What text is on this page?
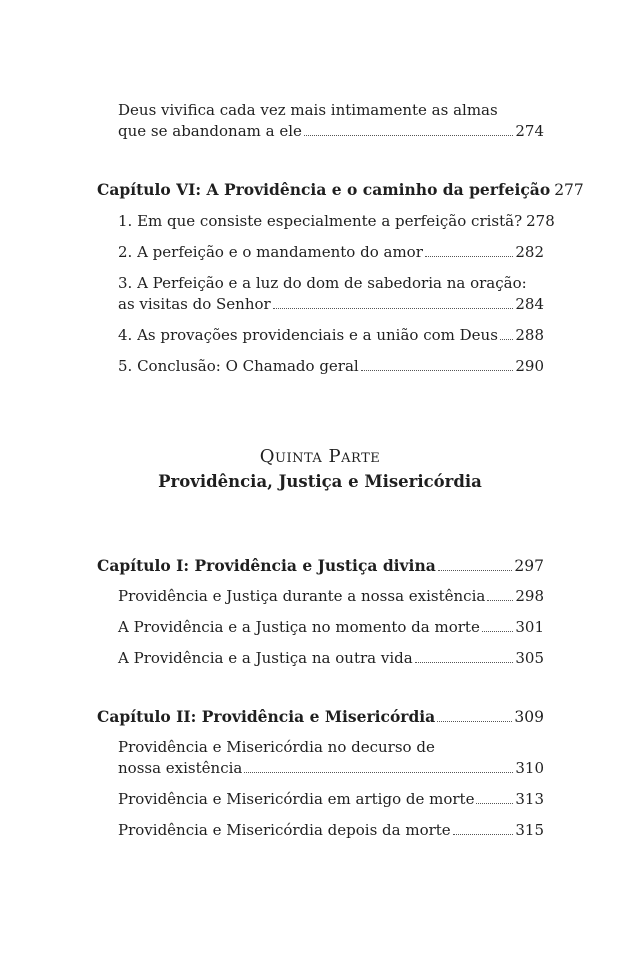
Deus vivifica cada vez mais intimamente as almas
que se abandonam a ele	274
Capítulo VI: A Providência e o caminho da perfeição 277
1. Em que consiste especialmente a perfeição cristã? 278
2. A perfeição e o mandamento do amor	282
3. A Perfeição e a luz do dom de sabedoria na oração:
as visitas do Senhor	284
4. As provações providenciais e a união com Deus 288
5. Conclusão: O Chamado geral	290
Quinta Parte
Providência, Justiça e Misericórdia
Capítulo I: Providência e Justiça divina	297
Providência e Justiça durante a nossa existência 298
A Providência e a Justiça no momento da morte 301
A Providência e a Justiça na outra vida	305
Capítulo II: Providência e Misericórdia	309
Providência e Misericórdia no decurso de
nossa existência	310
Providência e Misericórdia em artigo de morte	313
Providência e Misericórdia depois da morte	315
